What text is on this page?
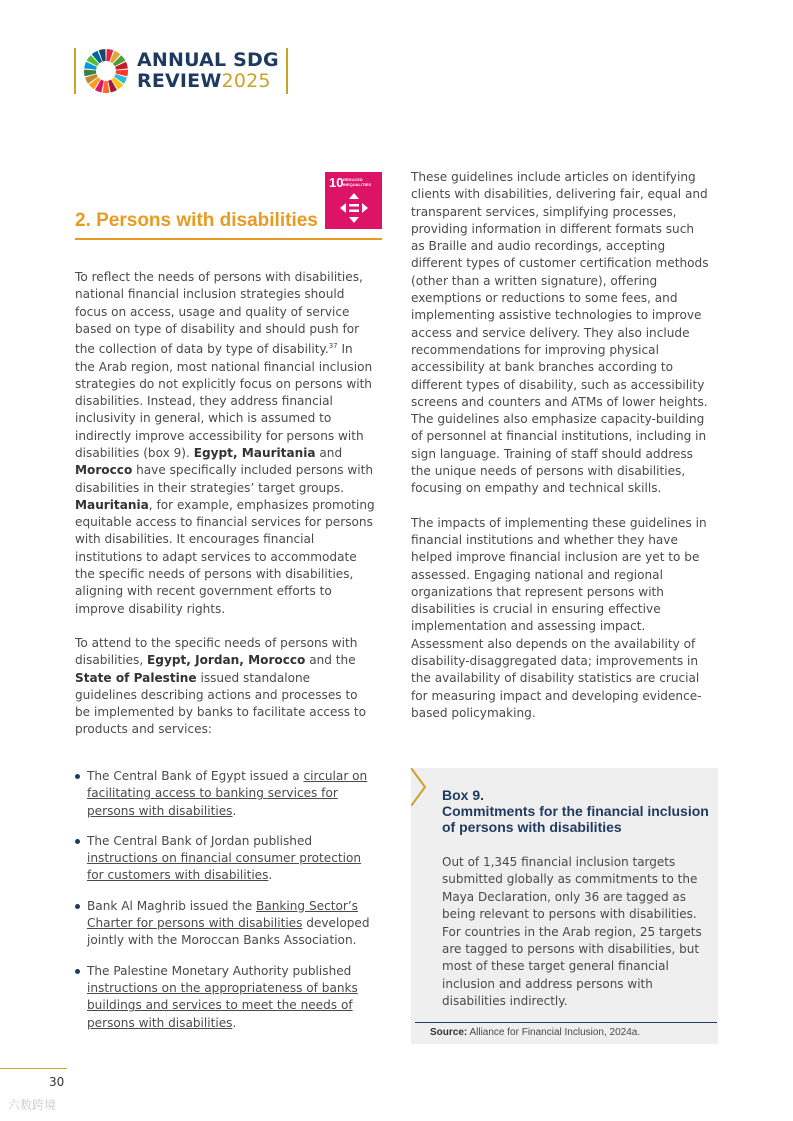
ANNUAL SDG
REVIEW2025
10 REDUCED INEQUALITIES
2. Persons with disabilities

To reflect the needs of persons with disabilities, national financial inclusion strategies should focus on access, usage and quality of service based on type of disability and should push for the collection of data by type of disability.$^{37}$ In the Arab region, most national financial inclusion strategies do not explicitly focus on persons with disabilities. Instead, they address financial inclusivity in general, which is assumed to indirectly improve accessibility for persons with disabilities (box 9). Egypt, Mauritania and Morocco have specifically included persons with disabilities in their strategies’ target groups. Mauritania, for example, emphasizes promoting equitable access to financial services for persons with disabilities. It encourages financial institutions to adapt services to accommodate the specific needs of persons with disabilities, aligning with recent government efforts to improve disability rights.

To attend to the specific needs of persons with disabilities, Egypt, Jordan, Morocco and the State of Palestine issued standalone guidelines describing actions and processes to be implemented by banks to facilitate access to products and services:

The Central Bank of Egypt issued a circular on facilitating access to banking services for persons with disabilities.
The Central Bank of Jordan published instructions on financial consumer protection for customers with disabilities.
Bank Al Maghrib issued the Banking Sector’s Charter for persons with disabilities developed jointly with the Moroccan Banks Association.
The Palestine Monetary Authority published instructions on the appropriateness of banks buildings and services to meet the needs of persons with disabilities.

These guidelines include articles on identifying clients with disabilities, delivering fair, equal and transparent services, simplifying processes, providing information in different formats such as Braille and audio recordings, accepting different types of customer certification methods (other than a written signature), offering exemptions or reductions to some fees, and implementing assistive technologies to improve access and service delivery. They also include recommendations for improving physical accessibility at bank branches according to different types of disability, such as accessibility screens and counters and ATMs of lower heights. The guidelines also emphasize capacity-building of personnel at financial institutions, including in sign language. Training of staff should address the unique needs of persons with disabilities, focusing on empathy and technical skills.

The impacts of implementing these guidelines in financial institutions and whether they have helped improve financial inclusion are yet to be assessed. Engaging national and regional organizations that represent persons with disabilities is crucial in ensuring effective implementation and assessing impact. Assessment also depends on the availability of disability-disaggregated data; improvements in the availability of disability statistics are crucial for measuring impact and developing evidence-based policymaking.

Box 9.
Commitments for the financial inclusion of persons with disabilities
Out of 1,345 financial inclusion targets submitted globally as commitments to the Maya Declaration, only 36 are tagged as being relevant to persons with disabilities. For countries in the Arab region, 25 targets are tagged to persons with disabilities, but most of these target general financial inclusion and address persons with disabilities indirectly.
Source: Alliance for Financial Inclusion, 2024a.
30
六数跨境
